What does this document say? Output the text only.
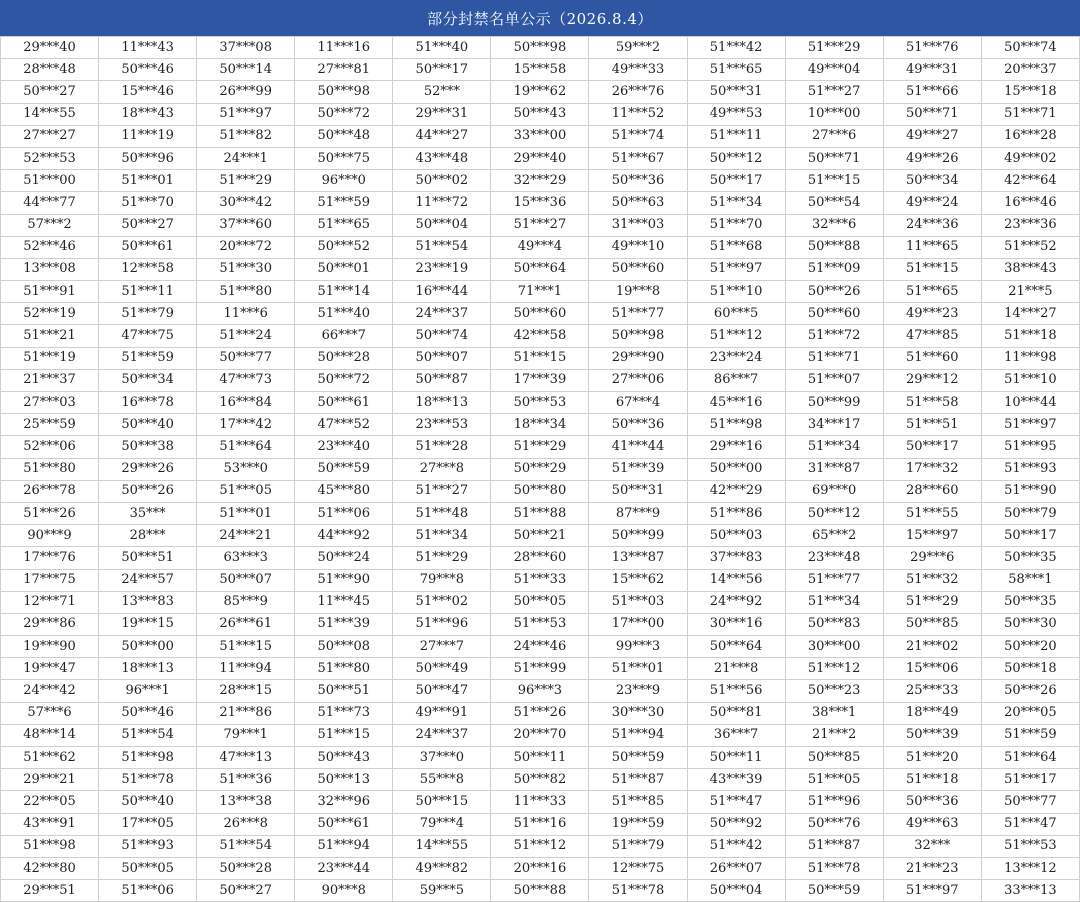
部分封禁名单公示（2026.8.4）
29***40	11***43	37***08	11***16	51***40	50***98	59***2	51***42	51***29	51***76	50***74
28***48	50***46	50***14	27***81	50***17	15***58	49***33	51***65	49***04	49***31	20***37
50***27	15***46	26***99	50***98	52***	19***62	26***76	50***31	51***27	51***66	15***18
14***55	18***43	51***97	50***72	29***31	50***43	11***52	49***53	10***00	50***71	51***71
27***27	11***19	51***82	50***48	44***27	33***00	51***74	51***11	27***6	49***27	16***28
52***53	50***96	24***1	50***75	43***48	29***40	51***67	50***12	50***71	49***26	49***02
51***00	51***01	51***29	96***0	50***02	32***29	50***36	50***17	51***15	50***34	42***64
44***77	51***70	30***42	51***59	11***72	15***36	50***63	51***34	50***54	49***24	16***46
57***2	50***27	37***60	51***65	50***04	51***27	31***03	51***70	32***6	24***36	23***36
52***46	50***61	20***72	50***52	51***54	49***4	49***10	51***68	50***88	11***65	51***52
13***08	12***58	51***30	50***01	23***19	50***64	50***60	51***97	51***09	51***15	38***43
51***91	51***11	51***80	51***14	16***44	71***1	19***8	51***10	50***26	51***65	21***5
52***19	51***79	11***6	51***40	24***37	50***60	51***77	60***5	50***60	49***23	14***27
51***21	47***75	51***24	66***7	50***74	42***58	50***98	51***12	51***72	47***85	51***18
51***19	51***59	50***77	50***28	50***07	51***15	29***90	23***24	51***71	51***60	11***98
21***37	50***34	47***73	50***72	50***87	17***39	27***06	86***7	51***07	29***12	51***10
27***03	16***78	16***84	50***61	18***13	50***53	67***4	45***16	50***99	51***58	10***44
25***59	50***40	17***42	47***52	23***53	18***34	50***36	51***98	34***17	51***51	51***97
52***06	50***38	51***64	23***40	51***28	51***29	41***44	29***16	51***34	50***17	51***95
51***80	29***26	53***0	50***59	27***8	50***29	51***39	50***00	31***87	17***32	51***93
26***78	50***26	51***05	45***80	51***27	50***80	50***31	42***29	69***0	28***60	51***90
51***26	35***	51***01	51***06	51***48	51***88	87***9	51***86	50***12	51***55	50***79
90***9	28***	24***21	44***92	51***34	50***21	50***99	50***03	65***2	15***97	50***17
17***76	50***51	63***3	50***24	51***29	28***60	13***87	37***83	23***48	29***6	50***35
17***75	24***57	50***07	51***90	79***8	51***33	15***62	14***56	51***77	51***32	58***1
12***71	13***83	85***9	11***45	51***02	50***05	51***03	24***92	51***34	51***29	50***35
29***86	19***15	26***61	51***39	51***96	51***53	17***00	30***16	50***83	50***85	50***30
19***90	50***00	51***15	50***08	27***7	24***46	99***3	50***64	30***00	21***02	50***20
19***47	18***13	11***94	51***80	50***49	51***99	51***01	21***8	51***12	15***06	50***18
24***42	96***1	28***15	50***51	50***47	96***3	23***9	51***56	50***23	25***33	50***26
57***6	50***46	21***86	51***73	49***91	51***26	30***30	50***81	38***1	18***49	20***05
48***14	51***54	79***1	51***15	24***37	20***70	51***94	36***7	21***2	50***39	51***59
51***62	51***98	47***13	50***43	37***0	50***11	50***59	50***11	50***85	51***20	51***64
29***21	51***78	51***36	50***13	55***8	50***82	51***87	43***39	51***05	51***18	51***17
22***05	50***40	13***38	32***96	50***15	11***33	51***85	51***47	51***96	50***36	50***77
43***91	17***05	26***8	50***61	79***4	51***16	19***59	50***92	50***76	49***63	51***47
51***98	51***93	51***54	51***94	14***55	51***12	51***79	51***42	51***87	32***	51***53
42***80	50***05	50***28	23***44	49***82	20***16	12***75	26***07	51***78	21***23	13***12
29***51	51***06	50***27	90***8	59***5	50***88	51***78	50***04	50***59	51***97	33***13
